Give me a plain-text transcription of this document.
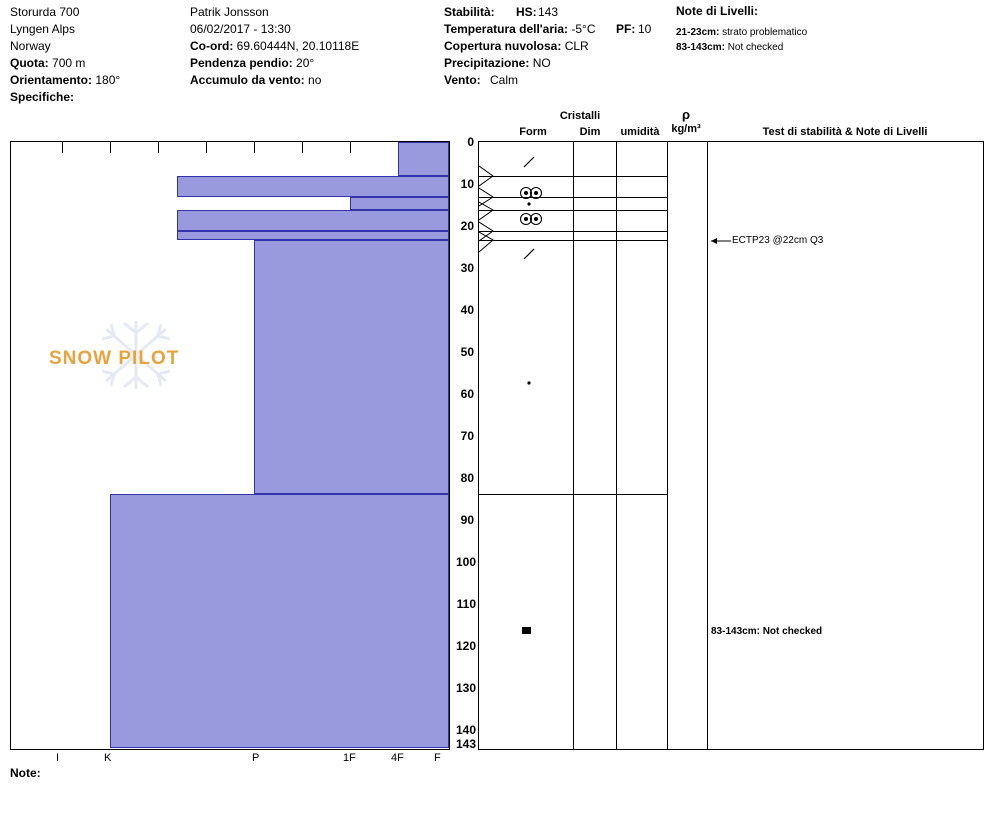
Storurda 700
Lyngen Alps
Norway
Quota: 700 m
Orientamento: 180°
Specifiche:
Patrik Jonsson
06/02/2017 - 13:30
Co-ord: 69.60444N, 20.10118E
Pendenza pendio: 20°
Accumulo da vento: no
Stabilità: HS: 143
Temperatura dell'aria: -5°C PF: 10
Copertura nuvolosa: CLR
Precipitazione: NO
Vento: Calm
Note di Livelli:
21-23cm: strato problematico
83-143cm: Not checked
Cristalli
Form	Dim	umidità
ρ
kg/m³	Test di stabilità & Note di Livelli
SNOW PILOT
I	K	P	1F	4F	F
0
10
20
30
40
50
60
70
80
90
100
110
120
130
140
143
ECTP23 @22cm Q3
83-143cm: Not checked
Note:
